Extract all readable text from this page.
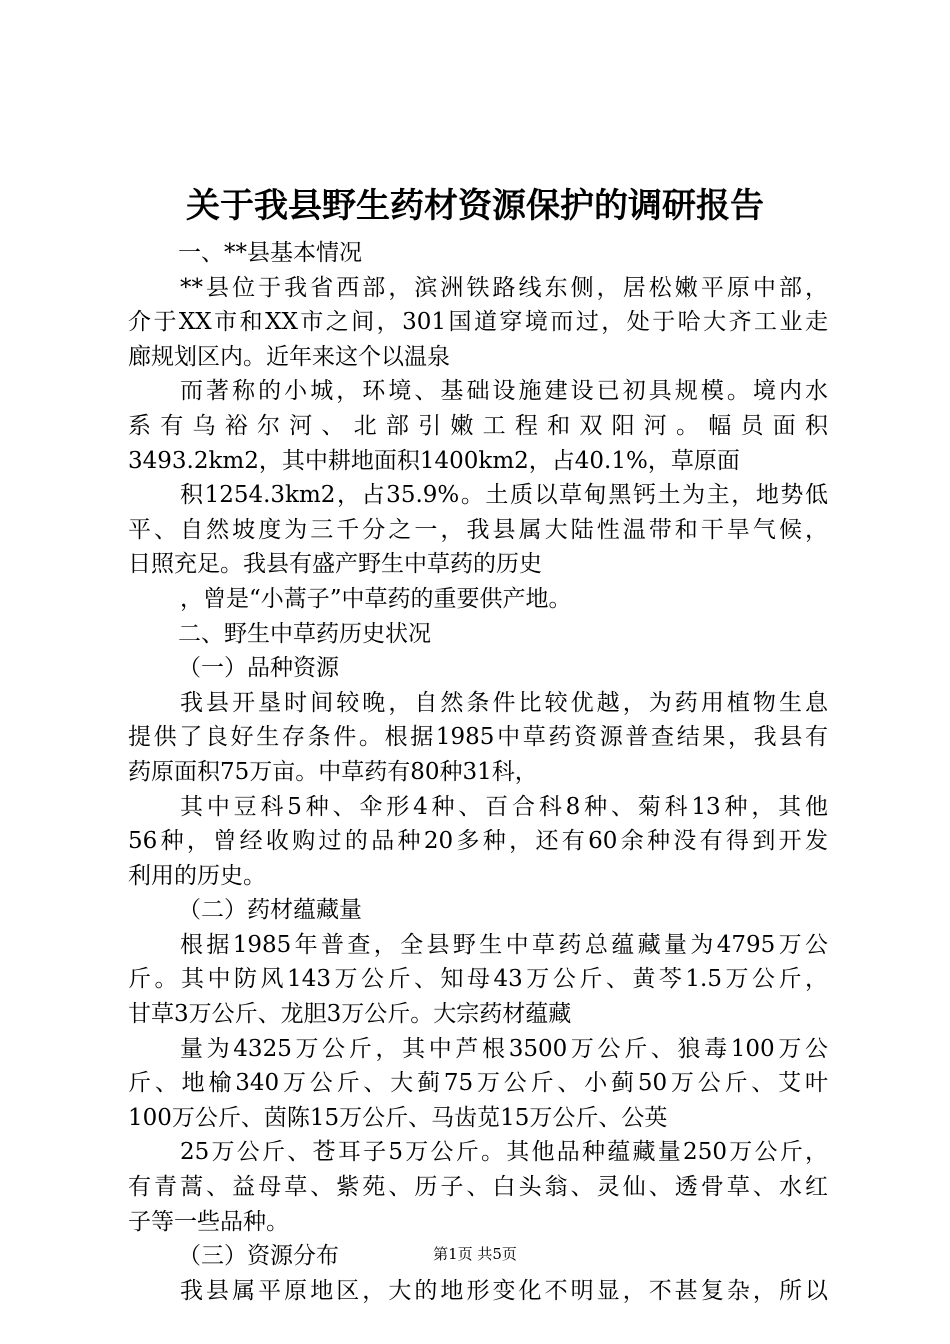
关于我县野生药材资源保护的调研报告
一、**县基本情况
**县位于我省西部，滨洲铁路线东侧，居松嫩平原中部，
介于XX市和XX市之间，301国道穿境而过，处于哈大齐工业走
廊规划区内。近年来这个以温泉
而著称的小城，环境、基础设施建设已初具规模。境内水
系有乌裕尔河、北部引嫩工程和双阳河。幅员面积
3493.2km2，其中耕地面积1400km2，占40.1%，草原面
积1254.3km2，占35.9%。土质以草甸黑钙土为主，地势低
平、自然坡度为三千分之一，我县属大陆性温带和干旱气候，
日照充足。我县有盛产野生中草药的历史
，曾是“小蒿子”中草药的重要供产地。
二、野生中草药历史状况
（一）品种资源
我县开垦时间较晚，自然条件比较优越，为药用植物生息
提供了良好生存条件。根据1985中草药资源普查结果，我县有
药原面积75万亩。中草药有80种31科，
其中豆科5种、伞形4种、百合科8种、菊科13种，其他
56种，曾经收购过的品种20多种，还有60余种没有得到开发
利用的历史。
（二）药材蕴藏量
根据1985年普查，全县野生中草药总蕴藏量为4795万公
斤。其中防风143万公斤、知母43万公斤、黄芩1.5万公斤，
甘草3万公斤、龙胆3万公斤。大宗药材蕴藏
量为4325万公斤，其中芦根3500万公斤、狼毒100万公
斤、地榆340万公斤、大蓟75万公斤、小蓟50万公斤、艾叶
100万公斤、茵陈15万公斤、马齿苋15万公斤、公英
25万公斤、苍耳子5万公斤。其他品种蕴藏量250万公斤，
有青蒿、益母草、紫苑、历子、白头翁、灵仙、透骨草、水红
子等一些品种。
（三）资源分布
我县属平原地区，大的地形变化不明显，不甚复杂，所以
第1页 共5页
